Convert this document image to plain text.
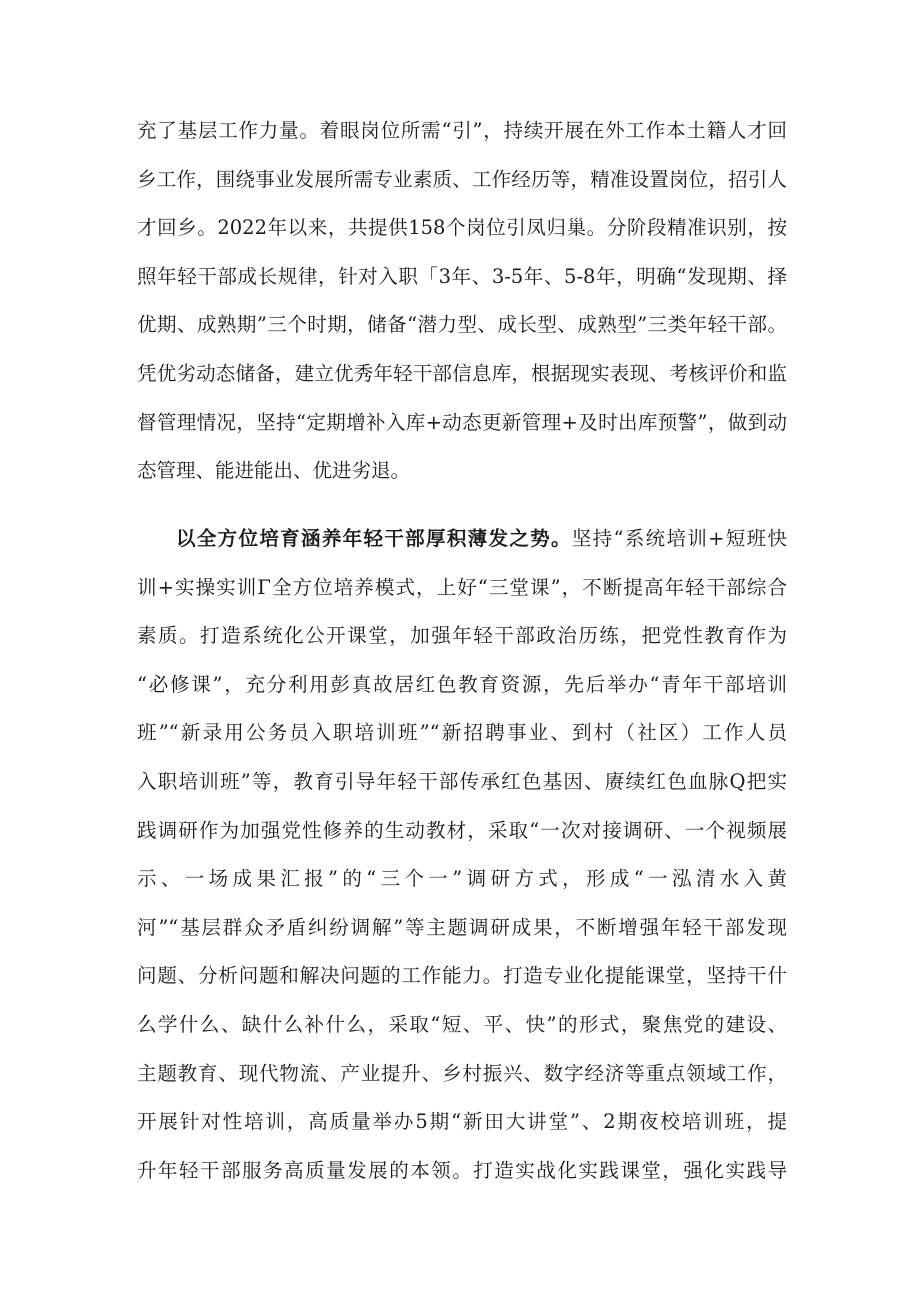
充了基层工作力量。着眼岗位所需“引”，持续开展在外工作本土籍人才回
乡工作，围绕事业发展所需专业素质、工作经历等，精准设置岗位，招引人
才回乡。2022年以来，共提供158个岗位引凤归巢。分阶段精准识别，按
照年轻干部成长规律，针对入职「3年、3-5年、5-8年，明确“发现期、择
优期、成熟期”三个时期，储备“潜力型、成长型、成熟型”三类年轻干部。
凭优劣动态储备，建立优秀年轻干部信息库，根据现实表现、考核评价和监
督管理情况，坚持“定期增补入库+动态更新管理+及时出库预警”，做到动
态管理、能进能出、优进劣退。
以全方位培育涵养年轻干部厚积薄发之势。坚持“系统培训+短班快
训+实操实训Γ全方位培养模式，上好“三堂课”，不断提高年轻干部综合
素质。打造系统化公开课堂，加强年轻干部政治历练，把党性教育作为
“必修课”，充分利用彭真故居红色教育资源，先后举办“青年干部培训
班”“新录用公务员入职培训班”“新招聘事业、到村（社区）工作人员
入职培训班”等，教育引导年轻干部传承红色基因、赓续红色血脉Q把实
践调研作为加强党性修养的生动教材，采取“一次对接调研、一个视频展
示、一场成果汇报”的“三个一”调研方式，形成“一泓清水入黄
河”“基层群众矛盾纠纷调解”等主题调研成果，不断增强年轻干部发现
问题、分析问题和解决问题的工作能力。打造专业化提能课堂，坚持干什
么学什么、缺什么补什么，采取“短、平、快”的形式，聚焦党的建设、
主题教育、现代物流、产业提升、乡村振兴、数字经济等重点领域工作，
开展针对性培训，高质量举办5期“新田大讲堂”、2期夜校培训班，提
升年轻干部服务高质量发展的本领。打造实战化实践课堂，强化实践导
